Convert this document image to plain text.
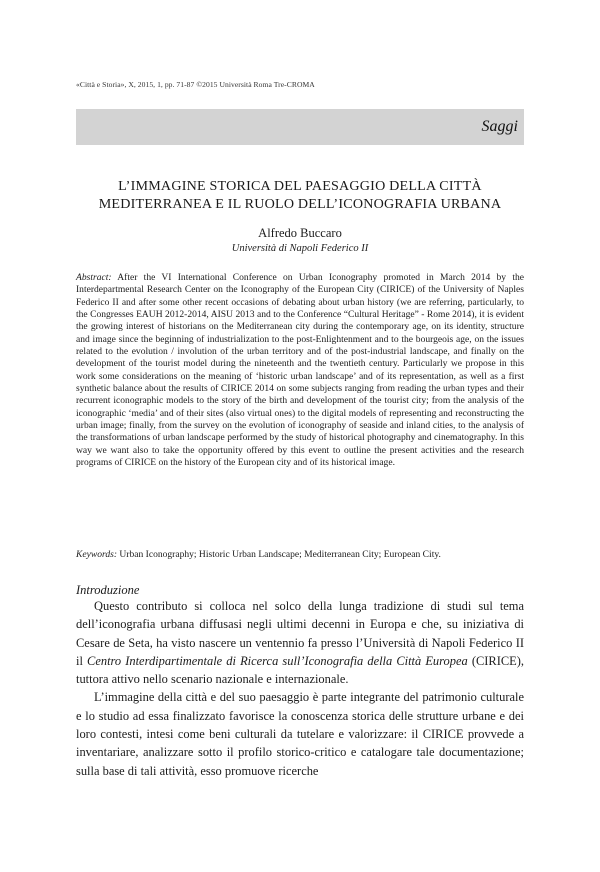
«Città e Storia», X, 2015, 1, pp. 71-87 ©2015 Università Roma Tre-CROMA
Saggi
L’IMMAGINE STORICA DEL PAESAGGIO DELLA CITTÀ
MEDITERRANEA E IL RUOLO DELL’ICONOGRAFIA URBANA
Alfredo Buccaro
Università di Napoli Federico II
Abstract: After the VI International Conference on Urban Iconography promoted in March 2014 by the Interdepartmental Research Center on the Iconography of the European City (CIRICE) of the University of Naples Federico II and after some other recent occasions of debating about urban history (we are referring, particularly, to the Congresses EAUH 2012-2014, AISU 2013 and to the Conference “Cultural Heritage” - Rome 2014), it is evident the growing interest of historians on the Mediterranean city during the contemporary age, on its identity, structure and image since the beginning of industrialization to the post-Enlightenment and to the bourgeois age, on the issues related to the evolution / involution of the urban territory and of the post-industrial landscape, and finally on the development of the tourist model during the nineteenth and the twentieth century. Particularly we propose in this work some considerations on the meaning of ‘historic urban landscape’ and of its representation, as well as a first synthetic balance about the results of CIRICE 2014 on some subjects ranging from reading the urban types and their recurrent iconographic models to the story of the birth and development of the tourist city; from the analysis of the iconographic ‘media’ and of their sites (also virtual ones) to the digital models of representing and reconstructing the urban image; finally, from the survey on the evolution of iconography of seaside and inland cities, to the analysis of the transformations of urban landscape performed by the study of historical photography and cinematography. In this way we want also to take the opportunity offered by this event to outline the present activities and the research programs of CIRICE on the history of the European city and of its historical image.
Keywords: Urban Iconography; Historic Urban Landscape; Mediterranean City; European City.
Introduzione

Questo contributo si colloca nel solco della lunga tradizione di studi sul tema dell’iconografia urbana diffusasi negli ultimi decenni in Europa e che, su iniziativa di Cesare de Seta, ha visto nascere un ventennio fa presso l’Università di Napoli Federico II il Centro Interdipartimentale di Ricerca sull’Iconografia della Città Europea (CIRICE), tuttora attivo nello scenario nazionale e internazionale.

L’immagine della città e del suo paesaggio è parte integrante del patrimonio culturale e lo studio ad essa finalizzato favorisce la conoscenza storica delle strutture urbane e dei loro contesti, intesi come beni culturali da tutelare e valorizzare: il CIRICE provvede a inventariare, analizzare sotto il profilo storico-critico e catalogare tale documentazione; sulla base di tali attività, esso promuove ricerche
